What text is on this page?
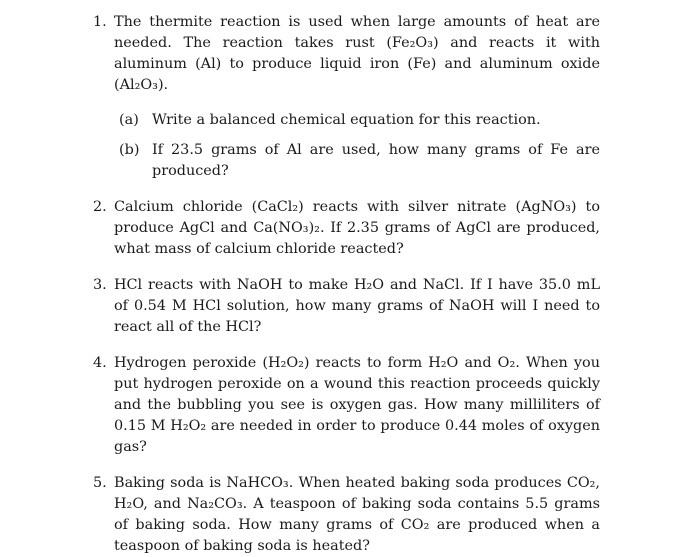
1. The thermite reaction is used when large amounts of heat are needed. The reaction takes rust (Fe₂O₃) and reacts it with aluminum (Al) to produce liquid iron (Fe) and aluminum oxide (Al₂O₃).
(a) Write a balanced chemical equation for this reaction.
(b) If 23.5 grams of Al are used, how many grams of Fe are produced?
2. Calcium chloride (CaCl₂) reacts with silver nitrate (AgNO₃) to produce AgCl and Ca(NO₃)₂. If 2.35 grams of AgCl are produced, what mass of calcium chloride reacted?
3. HCl reacts with NaOH to make H₂O and NaCl. If I have 35.0 mL of 0.54 M HCl solution, how many grams of NaOH will I need to react all of the HCl?
4. Hydrogen peroxide (H₂O₂) reacts to form H₂O and O₂. When you put hydrogen peroxide on a wound this reaction proceeds quickly and the bubbling you see is oxygen gas. How many milliliters of 0.15 M H₂O₂ are needed in order to produce 0.44 moles of oxygen gas?
5. Baking soda is NaHCO₃. When heated baking soda produces CO₂, H₂O, and Na₂CO₃. A teaspoon of baking soda contains 5.5 grams of baking soda. How many grams of CO₂ are produced when a teaspoon of baking soda is heated?
